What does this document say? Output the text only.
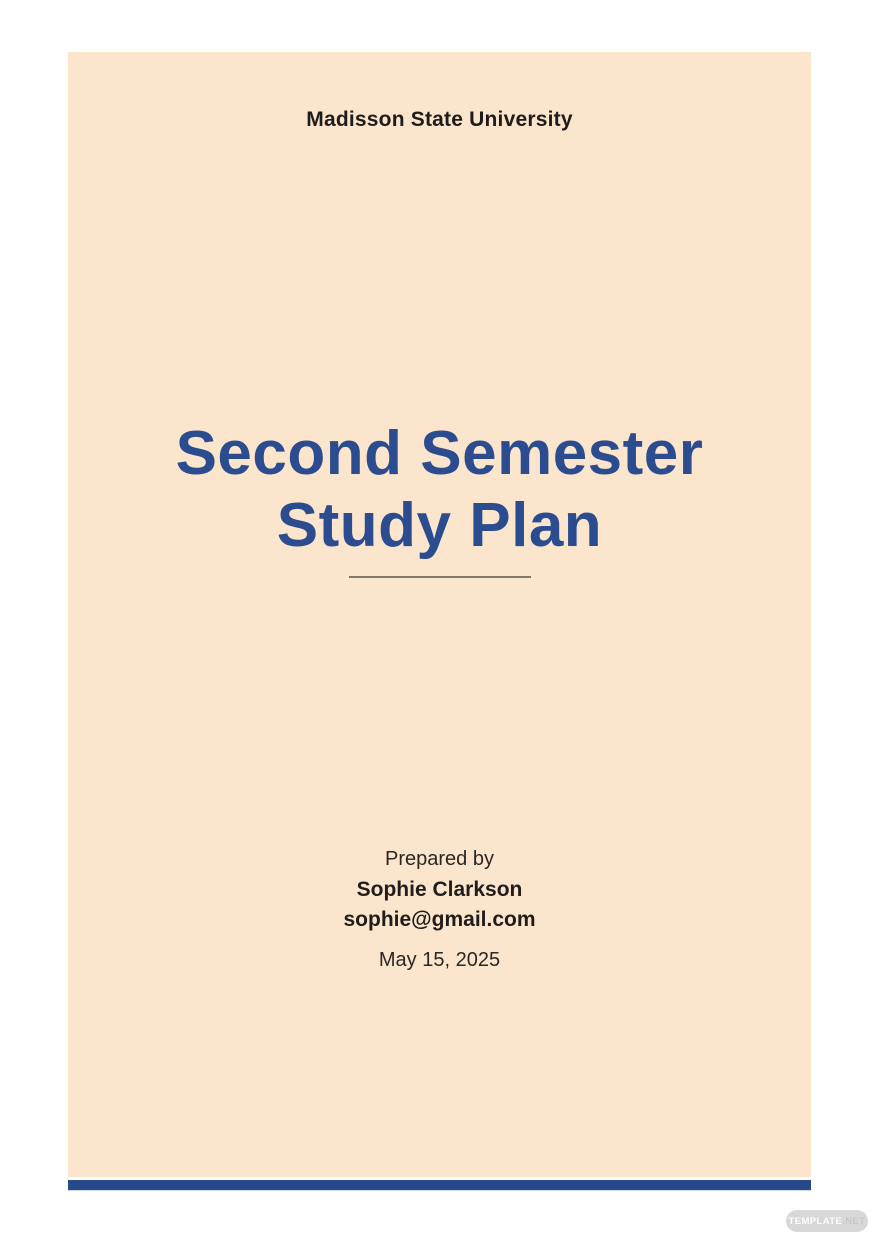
Madisson State University
Second Semester
Study Plan
Prepared by
Sophie Clarkson
sophie@gmail.com
May 15, 2025
TEMPLATE .NET
